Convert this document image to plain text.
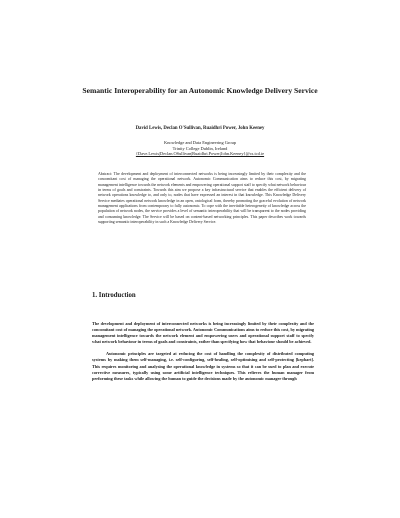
Semantic Interoperability for an Autonomic Knowledge Delivery Service
David Lewis, Declan O'Sullivan, Ruaidhri Power, John Keeney
Knowledge and Data Engineering Group
Trinity College Dublin, Ireland
{Dave.Lewis|Declan.OSullivan|Ruaidhri.Power|John.Keeney}@cs.tcd.ie
Abstract: The development and deployment of interconnected networks is being increasingly limited by their complexity and the concomitant cost of managing the operational network. Autonomic Communication aims to reduce this cost, by migrating management intelligence towards the network elements and empowering operational support staff to specify what network behaviour in terms of goals and constraints. Towards this aim we propose a key infrastructural service that enables the efficient delivery of network operations knowledge to, and only to, nodes that have expressed an interest in that knowledge. This Knowledge Delivery Service mediates operational network knowledge in an open, ontological form, thereby promoting the graceful evolution of network management applications from contemporary to fully autonomic. To cope with the inevitable heterogeneity of knowledge across the population of network nodes, the service provides a level of semantic interoperability that will be transparent to the nodes providing and consuming knowledge. The Service will be based on content-based networking principles. This paper describes work towards supporting semantic interoperability in such a Knowledge Delivery Service.
1. Introduction

The development and deployment of interconnected networks is being increasingly limited by their complexity and the concomitant cost of managing the operational network. Autonomic Communications aims to reduce this cost, by migrating management intelligence towards the network element and empowering users and operational support staff to specify what network behaviour in terms of goals and constraints, rather than specifying how that behaviour should be achieved.

Autonomic principles are targeted at reducing the cost of handling the complexity of distributed computing systems by making them self-managing, i.e. self-configuring, self-healing, self-optimising and self-protecting [kephart]. This requires monitoring and analysing the operational knowledge in systems so that it can be used to plan and execute corrective measures, typically using some artificial intelligence techniques. This relieves the human manager from performing these tasks while allowing the human to guide the decisions made by the autonomic manager through
